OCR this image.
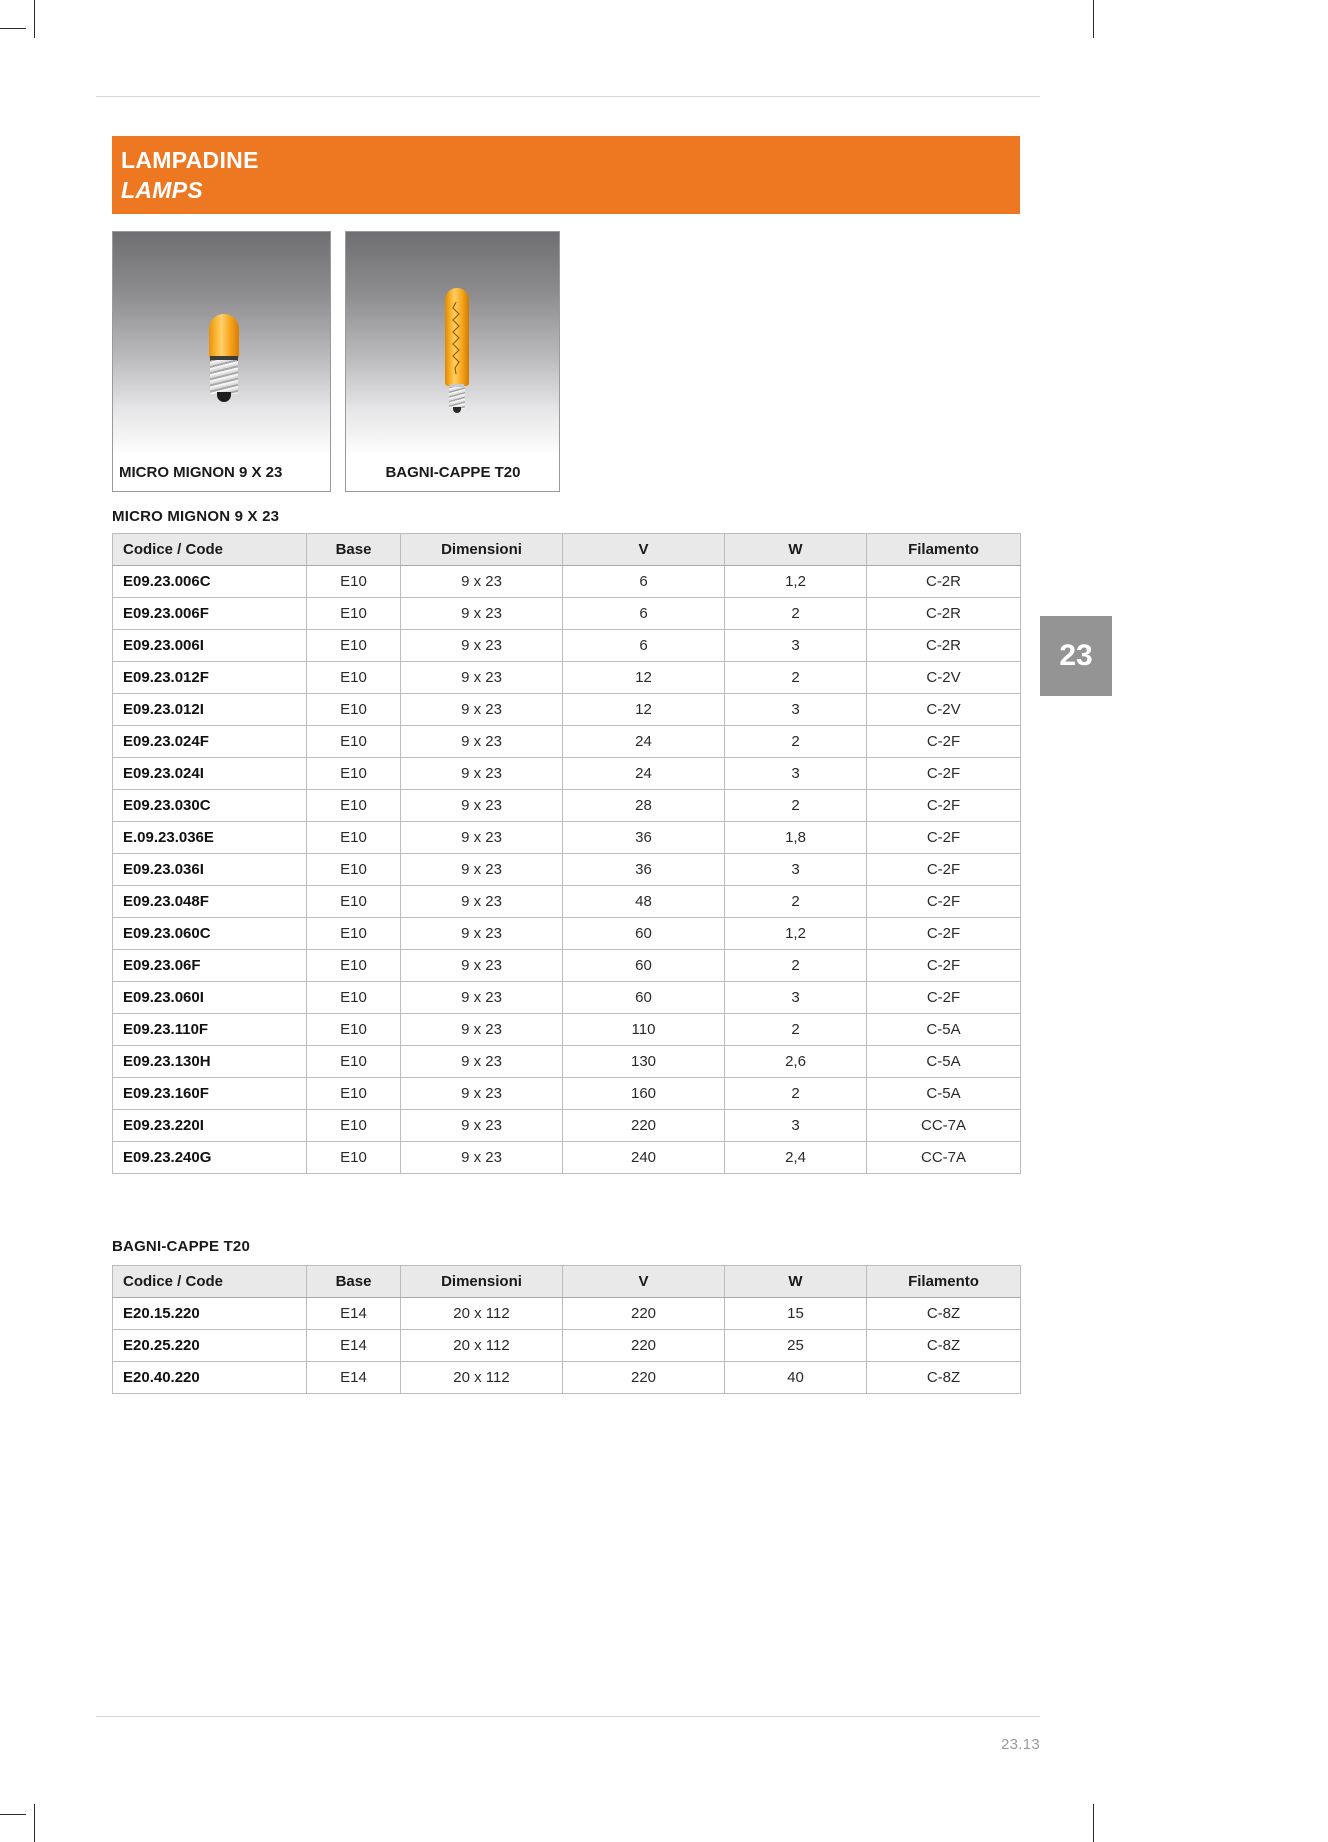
LAMPADINE
LAMPS
MICRO MIGNON 9 X 23
	BAGNI-CAPPE T20
MICRO MIGNON 9 X 23
Codice / Code	Base	Dimensioni	V	W	Filamento
E09.23.006C	E10	9 x 23	6	1,2	C-2R
E09.23.006F	E10	9 x 23	6	2	C-2R
E09.23.006I	E10	9 x 23	6	3	C-2R
E09.23.012F	E10	9 x 23	12	2	C-2V
E09.23.012I	E10	9 x 23	12	3	C-2V
E09.23.024F	E10	9 x 23	24	2	C-2F
E09.23.024I	E10	9 x 23	24	3	C-2F
E09.23.030C	E10	9 x 23	28	2	C-2F
E.09.23.036E	E10	9 x 23	36	1,8	C-2F
E09.23.036I	E10	9 x 23	36	3	C-2F
E09.23.048F	E10	9 x 23	48	2	C-2F
E09.23.060C	E10	9 x 23	60	1,2	C-2F
E09.23.06F	E10	9 x 23	60	2	C-2F
E09.23.060I	E10	9 x 23	60	3	C-2F
E09.23.110F	E10	9 x 23	110	2	C-5A
E09.23.130H	E10	9 x 23	130	2,6	C-5A
E09.23.160F	E10	9 x 23	160	2	C-5A
E09.23.220I	E10	9 x 23	220	3	CC-7A
E09.23.240G	E10	9 x 23	240	2,4	CC-7A
BAGNI-CAPPE T20
Codice / Code	Base	Dimensioni	V	W	Filamento
E20.15.220	E14	20 x 112	220	15	C-8Z
E20.25.220	E14	20 x 112	220	25	C-8Z
E20.40.220	E14	20 x 112	220	40	C-8Z
23
23.13
